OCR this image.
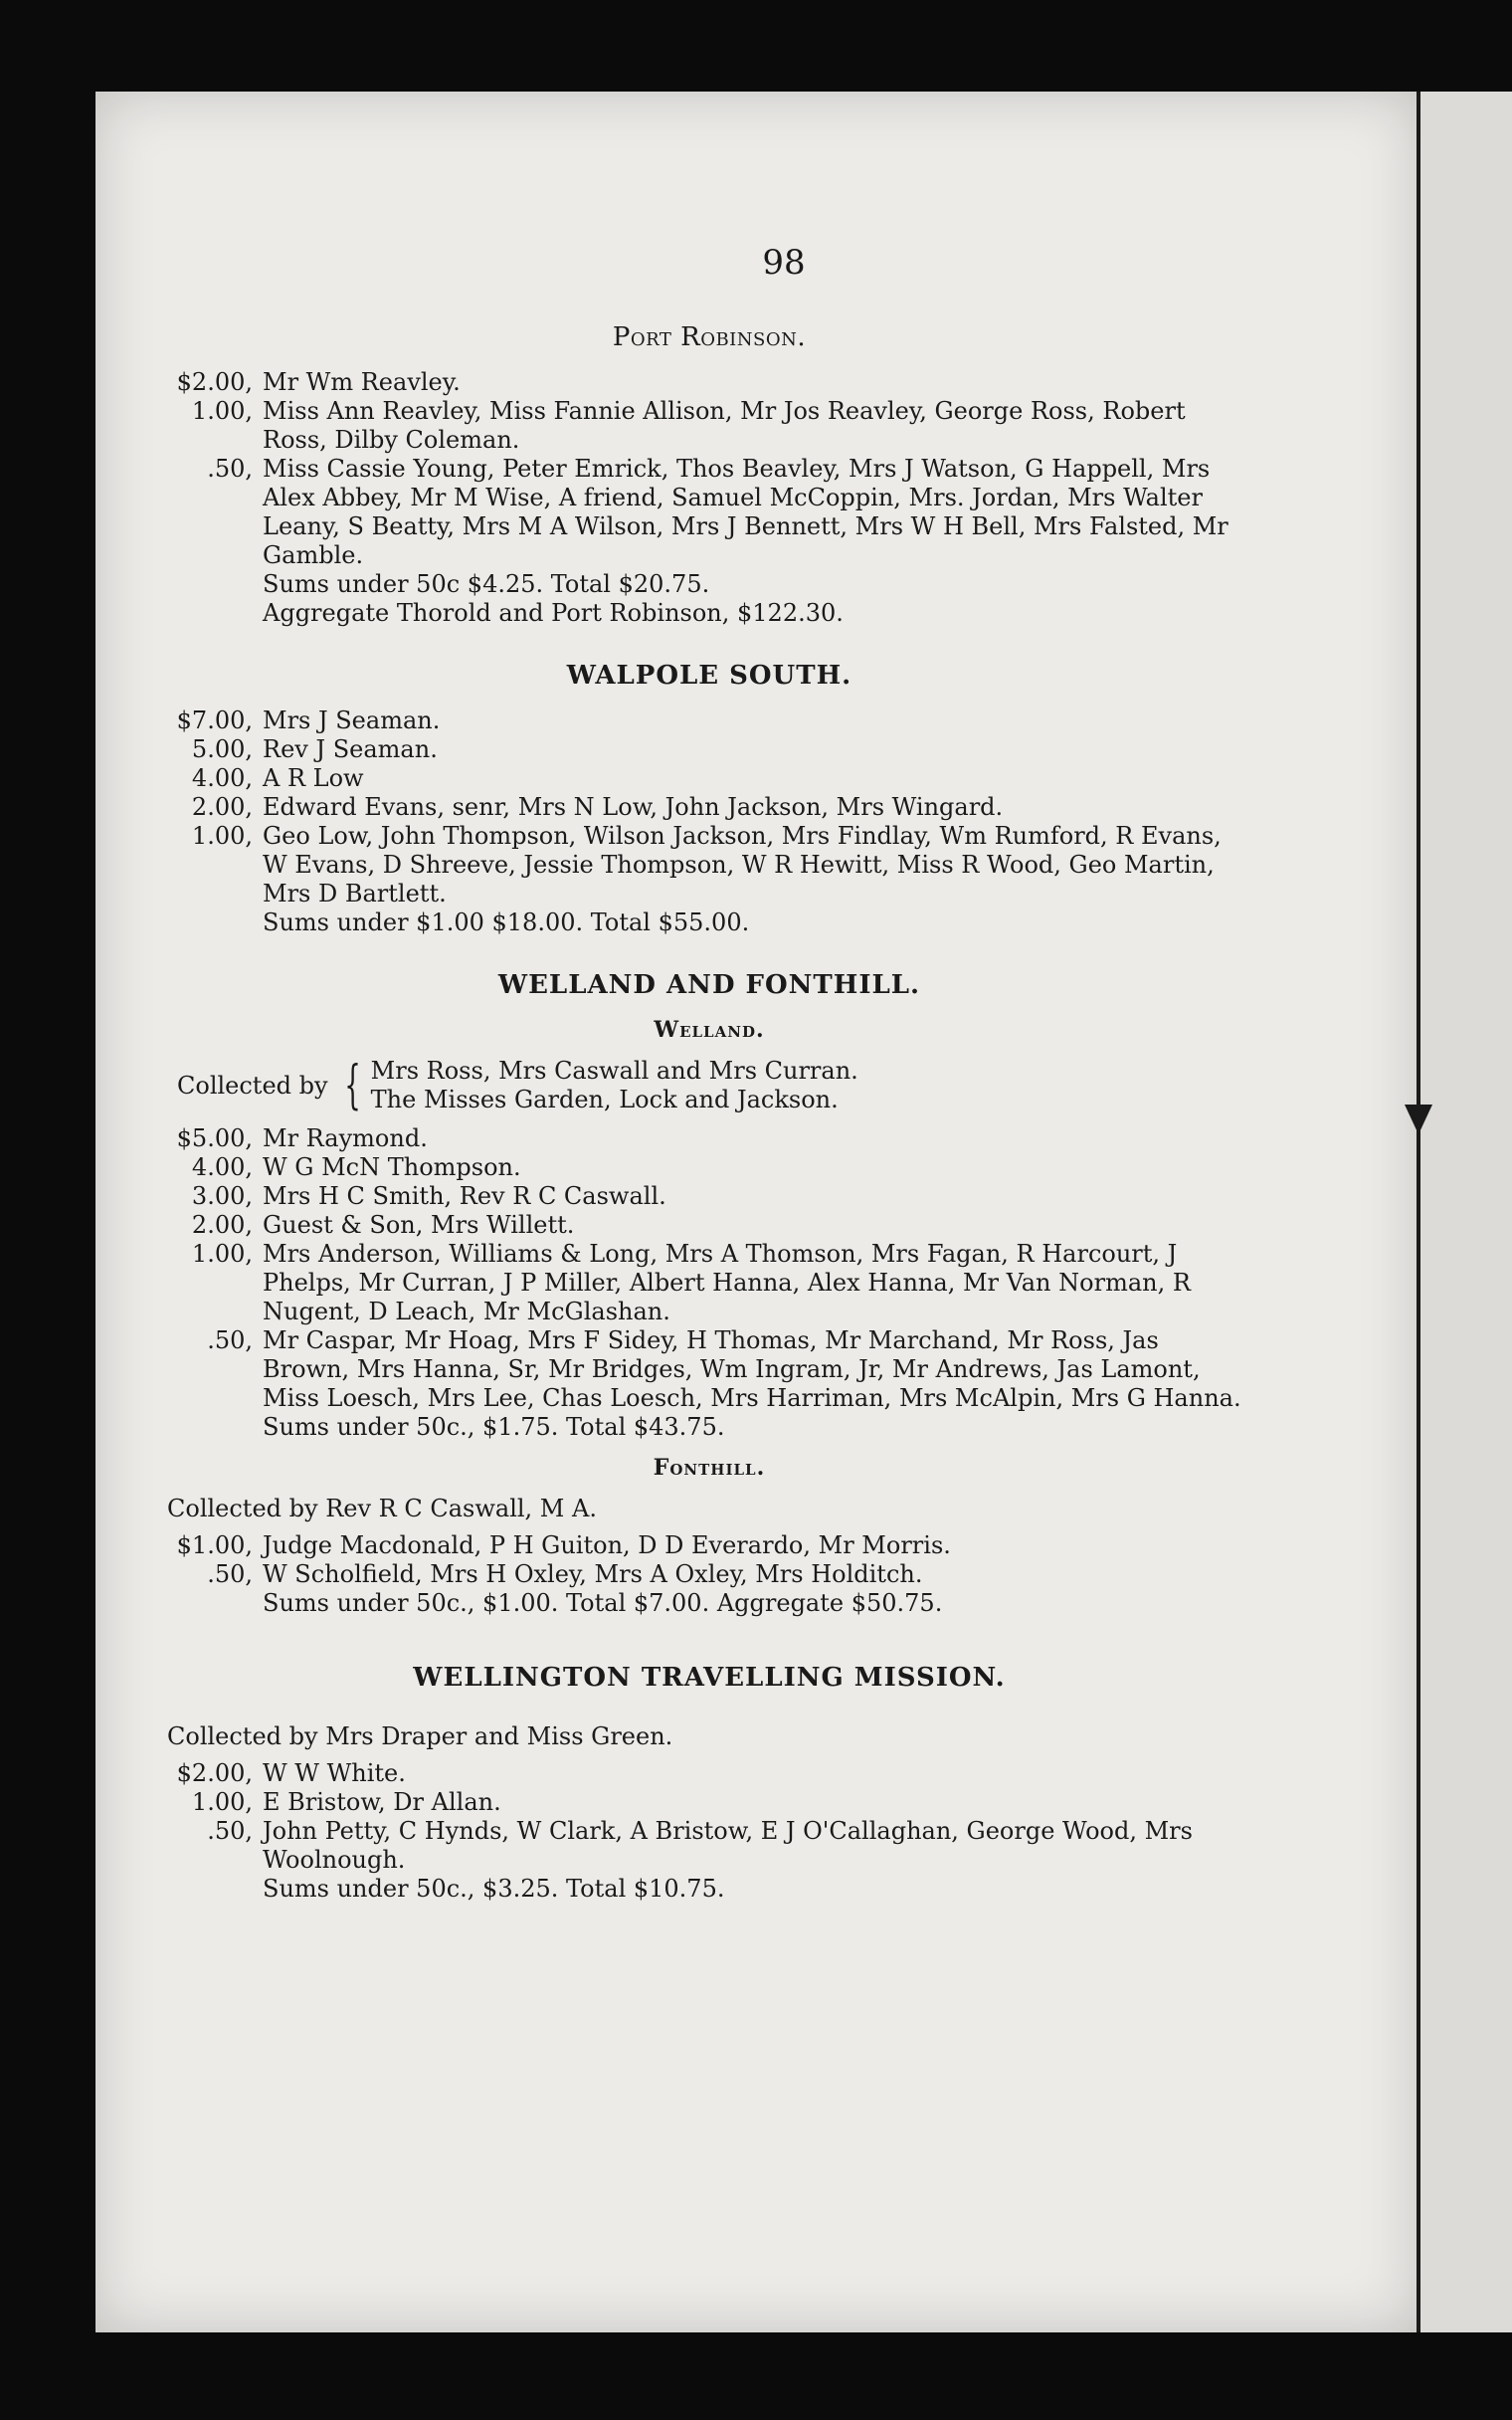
98
Port Robinson.
$2.00, Mr Wm Reavley.
1.00, Miss Ann Reavley, Miss Fannie Allison, Mr Jos Reavley, George Ross, Robert Ross, Dilby Coleman.
.50, Miss Cassie Young, Peter Emrick, Thos Beavley, Mrs J Watson, G Happell, Mrs Alex Abbey, Mr M Wise, A friend, Samuel McCoppin, Mrs. Jordan, Mrs Walter Leany, S Beatty, Mrs M A Wilson, Mrs J Bennett, Mrs W H Bell, Mrs Falsted, Mr Gamble.
Sums under 50c $4.25. Total $20.75.
Aggregate Thorold and Port Robinson, $122.30.
WALPOLE SOUTH.
$7.00, Mrs J Seaman.
5.00, Rev J Seaman.
4.00, A R Low
2.00, Edward Evans, senr, Mrs N Low, John Jackson, Mrs Wingard.
1.00, Geo Low, John Thompson, Wilson Jackson, Mrs Findlay, Wm Rumford, R Evans, W Evans, D Shreeve, Jessie Thompson, W R Hewitt, Miss R Wood, Geo Martin, Mrs D Bartlett.
Sums under $1.00 $18.00. Total $55.00.
WELLAND AND FONTHILL.
Welland.
Collected by { Mrs Ross, Mrs Caswall and Mrs Curran.
The Misses Garden, Lock and Jackson.
$5.00, Mr Raymond.
4.00, W G McN Thompson.
3.00, Mrs H C Smith, Rev R C Caswall.
2.00, Guest & Son, Mrs Willett.
1.00, Mrs Anderson, Williams & Long, Mrs A Thomson, Mrs Fagan, R Harcourt, J Phelps, Mr Curran, J P Miller, Albert Hanna, Alex Hanna, Mr Van Norman, R Nugent, D Leach, Mr McGlashan.
.50, Mr Caspar, Mr Hoag, Mrs F Sidey, H Thomas, Mr Marchand, Mr Ross, Jas Brown, Mrs Hanna, Sr, Mr Bridges, Wm Ingram, Jr, Mr Andrews, Jas Lamont, Miss Loesch, Mrs Lee, Chas Loesch, Mrs Harriman, Mrs McAlpin, Mrs G Hanna.
Sums under 50c., $1.75. Total $43.75.
Fonthill.
Collected by Rev R C Caswall, M A.
$1.00, Judge Macdonald, P H Guiton, D D Everardo, Mr Morris.
.50, W Scholfield, Mrs H Oxley, Mrs A Oxley, Mrs Holditch.
Sums under 50c., $1.00. Total $7.00. Aggregate $50.75.
WELLINGTON TRAVELLING MISSION.
Collected by Mrs Draper and Miss Green.
$2.00, W W White.
1.00, E Bristow, Dr Allan.
.50, John Petty, C Hynds, W Clark, A Bristow, E J O'Callaghan, George Wood, Mrs Woolnough.
Sums under 50c., $3.25. Total $10.75.
